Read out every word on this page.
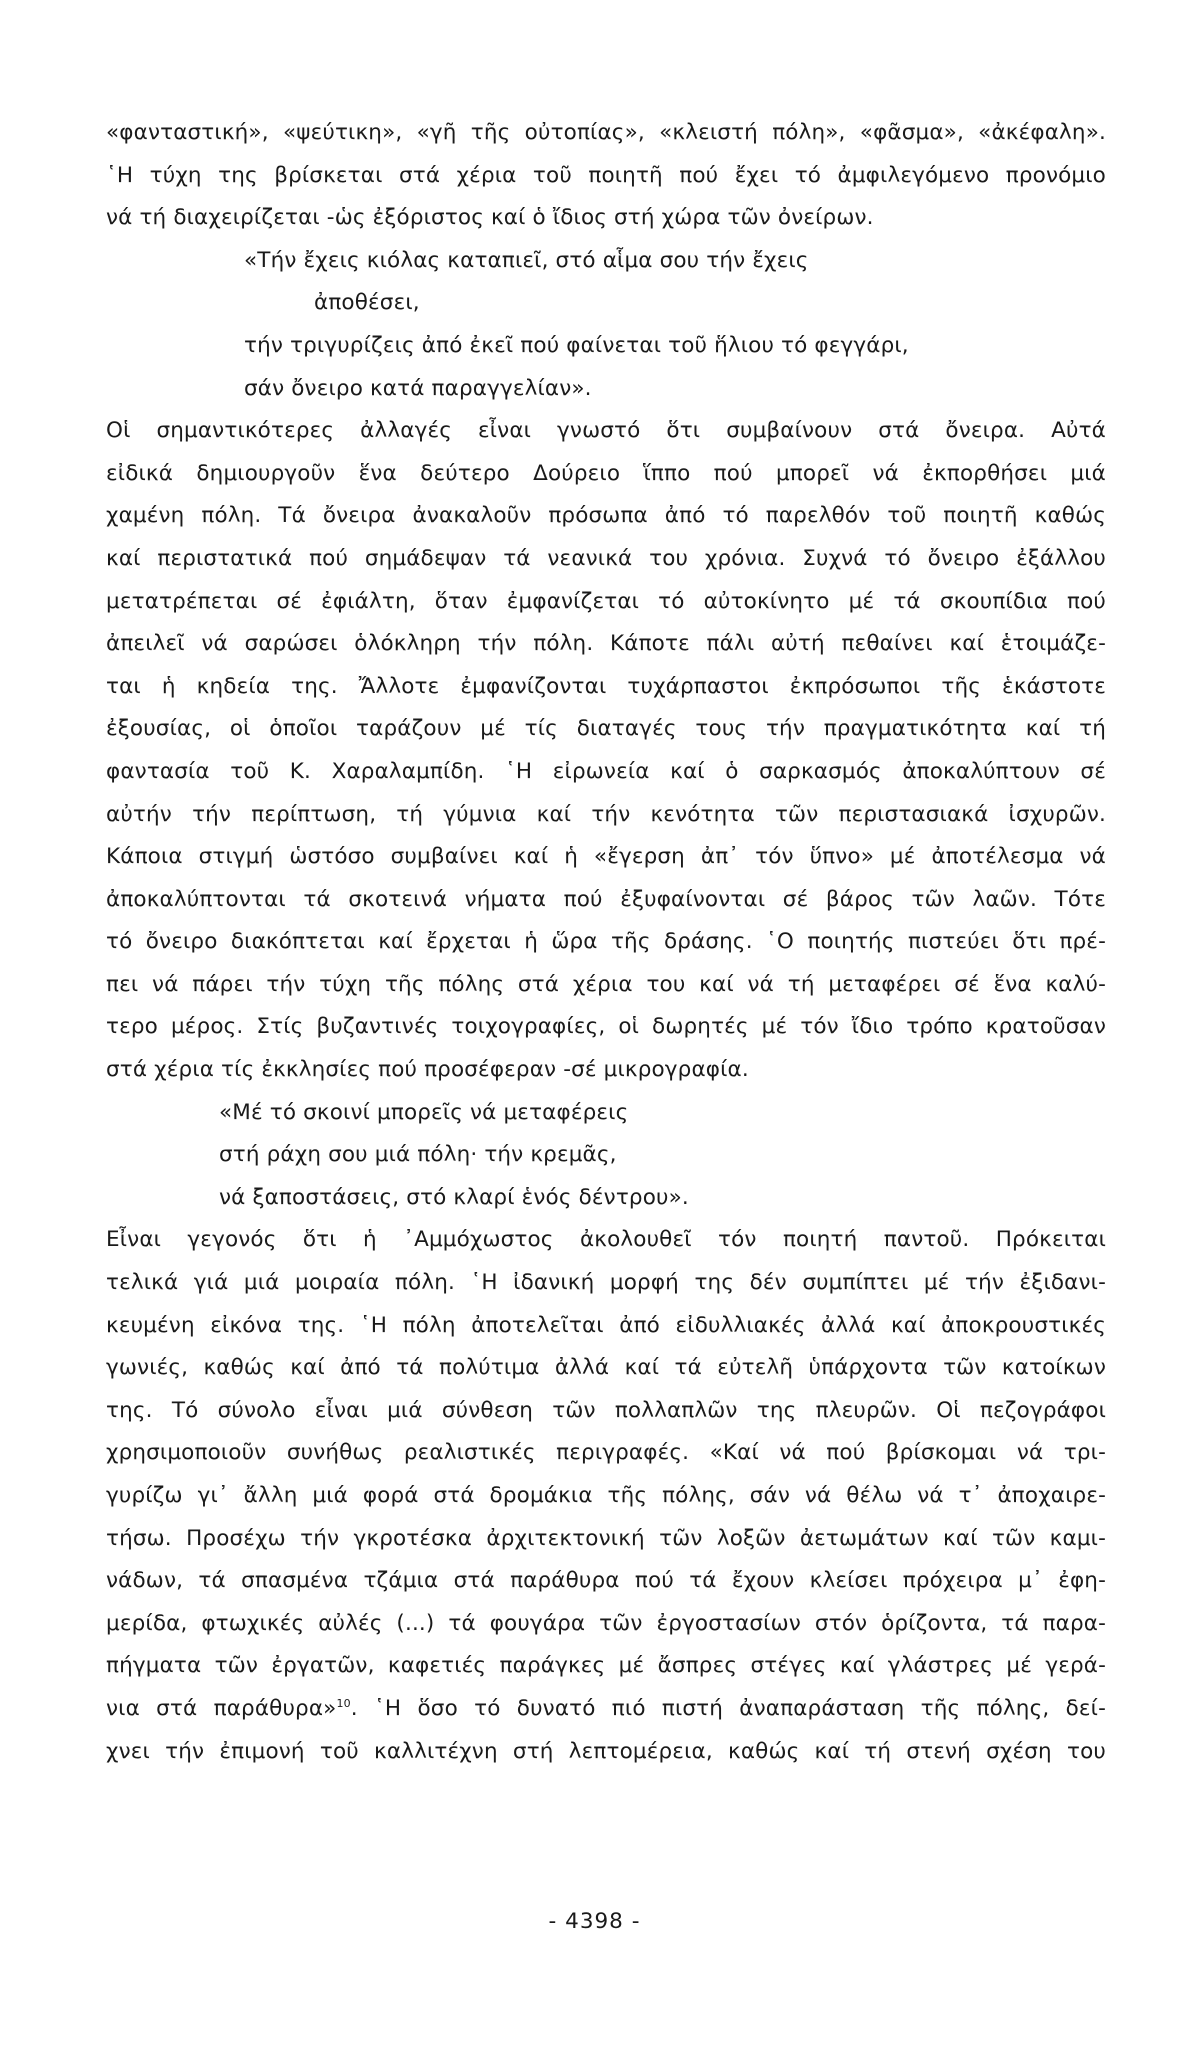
«φανταστική», «ψεύτικη», «γῆ τῆς οὐτοπίας», «κλειστή πόλη», «φᾶσμα», «ἀκέφαλη».
῾Η τύχη της βρίσκεται στά χέρια τοῦ ποιητῆ πού ἔχει τό ἀμφιλεγόμενο προνόμιο
νά τή διαχειρίζεται -ὡς ἐξόριστος καί ὁ ἴδιος στή χώρα τῶν ὀνείρων.
«Τήν ἔχεις κιόλας καταπιεῖ, στό αἷμα σου τήν ἔχεις
ἀποθέσει,
τήν τριγυρίζεις ἀπό ἐκεῖ πού φαίνεται τοῦ ἥλιου τό φεγγάρι,
σάν ὄνειρο κατά παραγγελίαν».
Οἱ σημαντικότερες ἀλλαγές εἶναι γνωστό ὅτι συμβαίνουν στά ὄνειρα. Αὐτά
εἰδικά δημιουργοῦν ἕνα δεύτερο Δούρειο ἵππο πού μπορεῖ νά ἐκπορθήσει μιά
χαμένη πόλη. Τά ὄνειρα ἀνακαλοῦν πρόσωπα ἀπό τό παρελθόν τοῦ ποιητῆ καθώς
καί περιστατικά πού σημάδεψαν τά νεανικά του χρόνια. Συχνά τό ὄνειρο ἐξάλλου
μετατρέπεται σέ ἐφιάλτη, ὅταν ἐμφανίζεται τό αὐτοκίνητο μέ τά σκουπίδια πού
ἀπειλεῖ νά σαρώσει ὁλόκληρη τήν πόλη. Κάποτε πάλι αὐτή πεθαίνει καί ἑτοιμάζε-
ται ἡ κηδεία της. Ἄλλοτε ἐμφανίζονται τυχάρπαστοι ἐκπρόσωποι τῆς ἑκάστοτε
ἐξουσίας, οἱ ὁποῖοι ταράζουν μέ τίς διαταγές τους τήν πραγματικότητα καί τή
φαντασία τοῦ Κ. Χαραλαμπίδη. ῾Η εἰρωνεία καί ὁ σαρκασμός ἀποκαλύπτουν σέ
αὐτήν τήν περίπτωση, τή γύμνια καί τήν κενότητα τῶν περιστασιακά ἰσχυρῶν.
Κάποια στιγμή ὡστόσο συμβαίνει καί ἡ «ἔγερση ἀπ᾽ τόν ὕπνο» μέ ἀποτέλεσμα νά
ἀποκαλύπτονται τά σκοτεινά νήματα πού ἐξυφαίνονται σέ βάρος τῶν λαῶν. Τότε
τό ὄνειρο διακόπτεται καί ἔρχεται ἡ ὥρα τῆς δράσης. ῾Ο ποιητής πιστεύει ὅτι πρέ-
πει νά πάρει τήν τύχη τῆς πόλης στά χέρια του καί νά τή μεταφέρει σέ ἕνα καλύ-
τερο μέρος. Στίς βυζαντινές τοιχογραφίες, οἱ δωρητές μέ τόν ἴδιο τρόπο κρατοῦσαν
στά χέρια τίς ἐκκλησίες πού προσέφεραν -σέ μικρογραφία.
«Μέ τό σκοινί μπορεῖς νά μεταφέρεις
στή ράχη σου μιά πόλη· τήν κρεμᾶς,
νά ξαποστάσεις, στό κλαρί ἑνός δέντρου».
Εἶναι γεγονός ὅτι ἡ ᾿Αμμόχωστος ἀκολουθεῖ τόν ποιητή παντοῦ. Πρόκειται
τελικά γιά μιά μοιραία πόλη. ῾Η ἰδανική μορφή της δέν συμπίπτει μέ τήν ἐξιδανι-
κευμένη εἰκόνα της. ῾Η πόλη ἀποτελεῖται ἀπό εἰδυλλιακές ἀλλά καί ἀποκρουστικές
γωνιές, καθώς καί ἀπό τά πολύτιμα ἀλλά καί τά εὐτελῆ ὑπάρχοντα τῶν κατοίκων
της. Τό σύνολο εἶναι μιά σύνθεση τῶν πολλαπλῶν της πλευρῶν. Οἱ πεζογράφοι
χρησιμοποιοῦν συνήθως ρεαλιστικές περιγραφές. «Καί νά πού βρίσκομαι νά τρι-
γυρίζω γι᾽ ἄλλη μιά φορά στά δρομάκια τῆς πόλης, σάν νά θέλω νά τ᾽ ἀποχαιρε-
τήσω. Προσέχω τήν γκροτέσκα ἀρχιτεκτονική τῶν λοξῶν ἀετωμάτων καί τῶν καμι-
νάδων, τά σπασμένα τζάμια στά παράθυρα πού τά ἔχουν κλείσει πρόχειρα μ᾽ ἐφη-
μερίδα, φτωχικές αὐλές (...) τά φουγάρα τῶν ἐργοστασίων στόν ὁρίζοντα, τά παρα-
πήγματα τῶν ἐργατῶν, καφετιές παράγκες μέ ἄσπρες στέγες καί γλάστρες μέ γερά-
νια στά παράθυρα»$^{10}$. ῾Η ὅσο τό δυνατό πιό πιστή ἀναπαράσταση τῆς πόλης, δεί-
χνει τήν ἐπιμονή τοῦ καλλιτέχνη στή λεπτομέρεια, καθώς καί τή στενή σχέση του
- 4398 -
